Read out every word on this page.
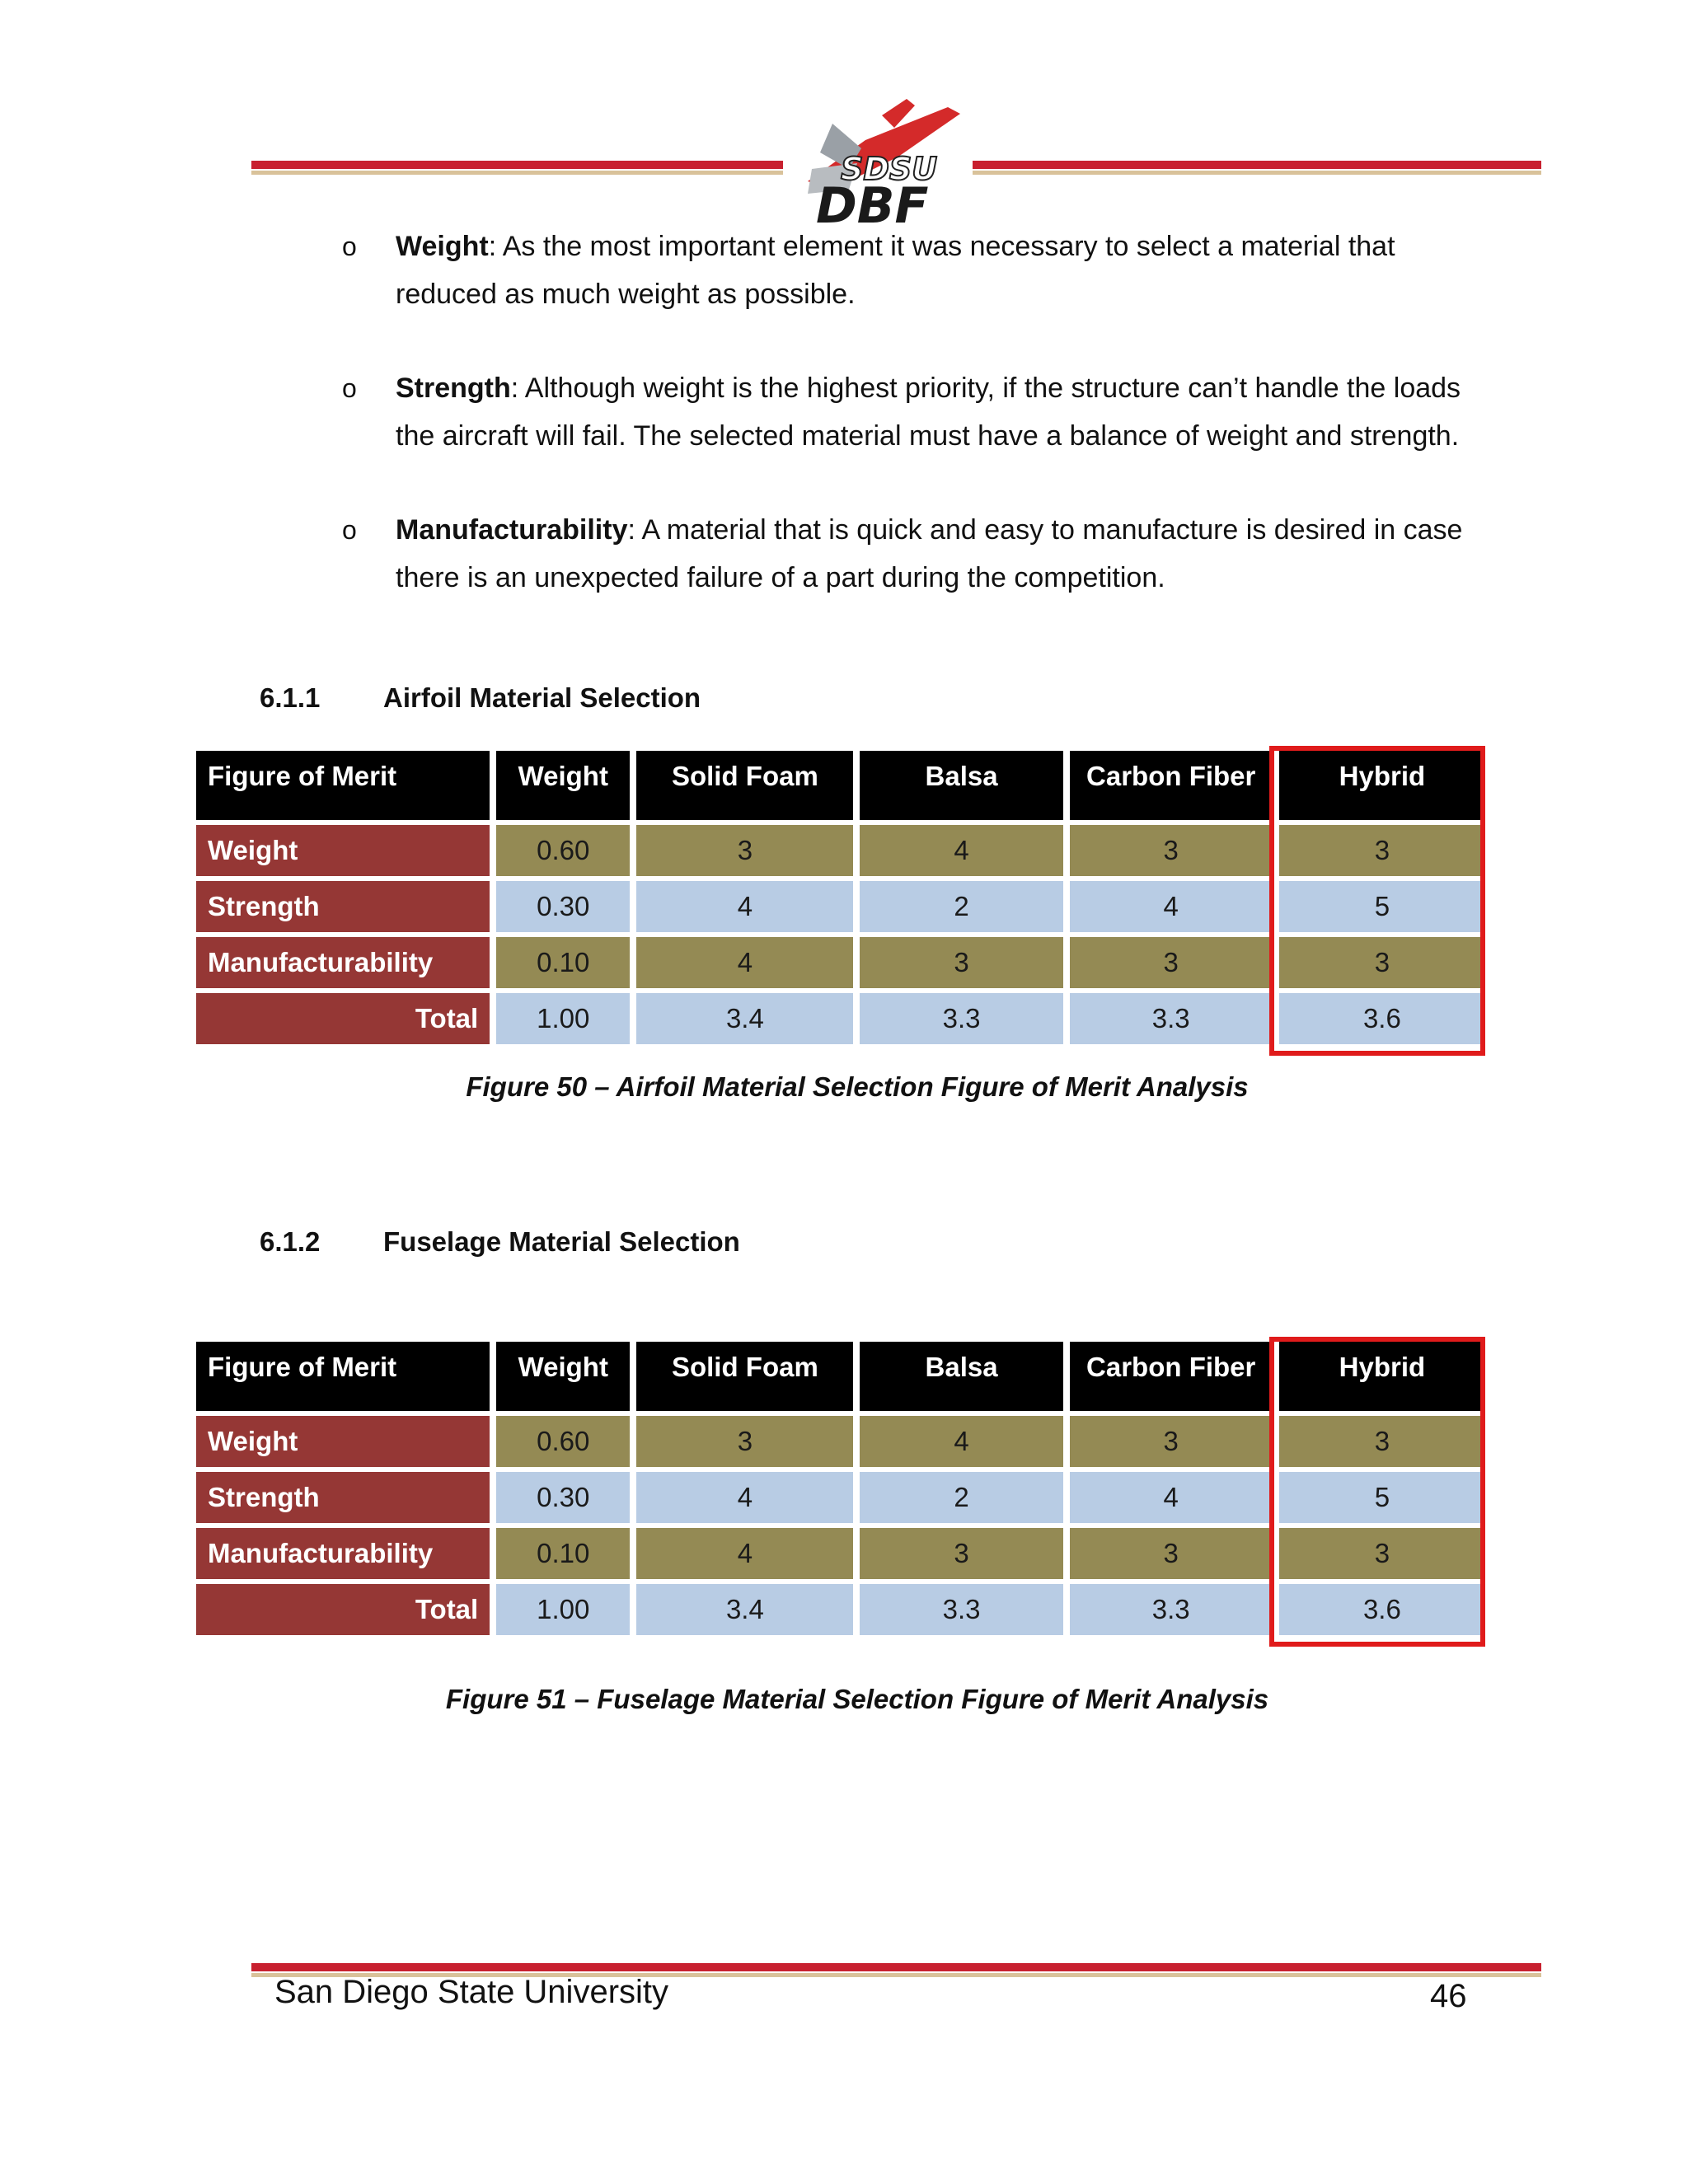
SDSU
DBF
o Weight: As the most important element it was necessary to select a material that reduced as much weight as possible.
o Strength: Although weight is the highest priority, if the structure can’t handle the loads the aircraft will fail. The selected material must have a balance of weight and strength.
o Manufacturability: A material that is quick and easy to manufacture is desired in case there is an unexpected failure of a part during the competition.
6.1.1 Airfoil Material Selection
Figure of Merit	Weight	Solid Foam	Balsa	Carbon Fiber	Hybrid
Weight	0.60	3	4	3	3
Strength	0.30	4	2	4	5
Manufacturability	0.10	4	3	3	3
Total	1.00	3.4	3.3	3.3	3.6
Figure 50 – Airfoil Material Selection Figure of Merit Analysis
6.1.2 Fuselage Material Selection
Figure of Merit	Weight	Solid Foam	Balsa	Carbon Fiber	Hybrid
Weight	0.60	3	4	3	3
Strength	0.30	4	2	4	5
Manufacturability	0.10	4	3	3	3
Total	1.00	3.4	3.3	3.3	3.6
Figure 51 – Fuselage Material Selection Figure of Merit Analysis
San Diego State University	46
